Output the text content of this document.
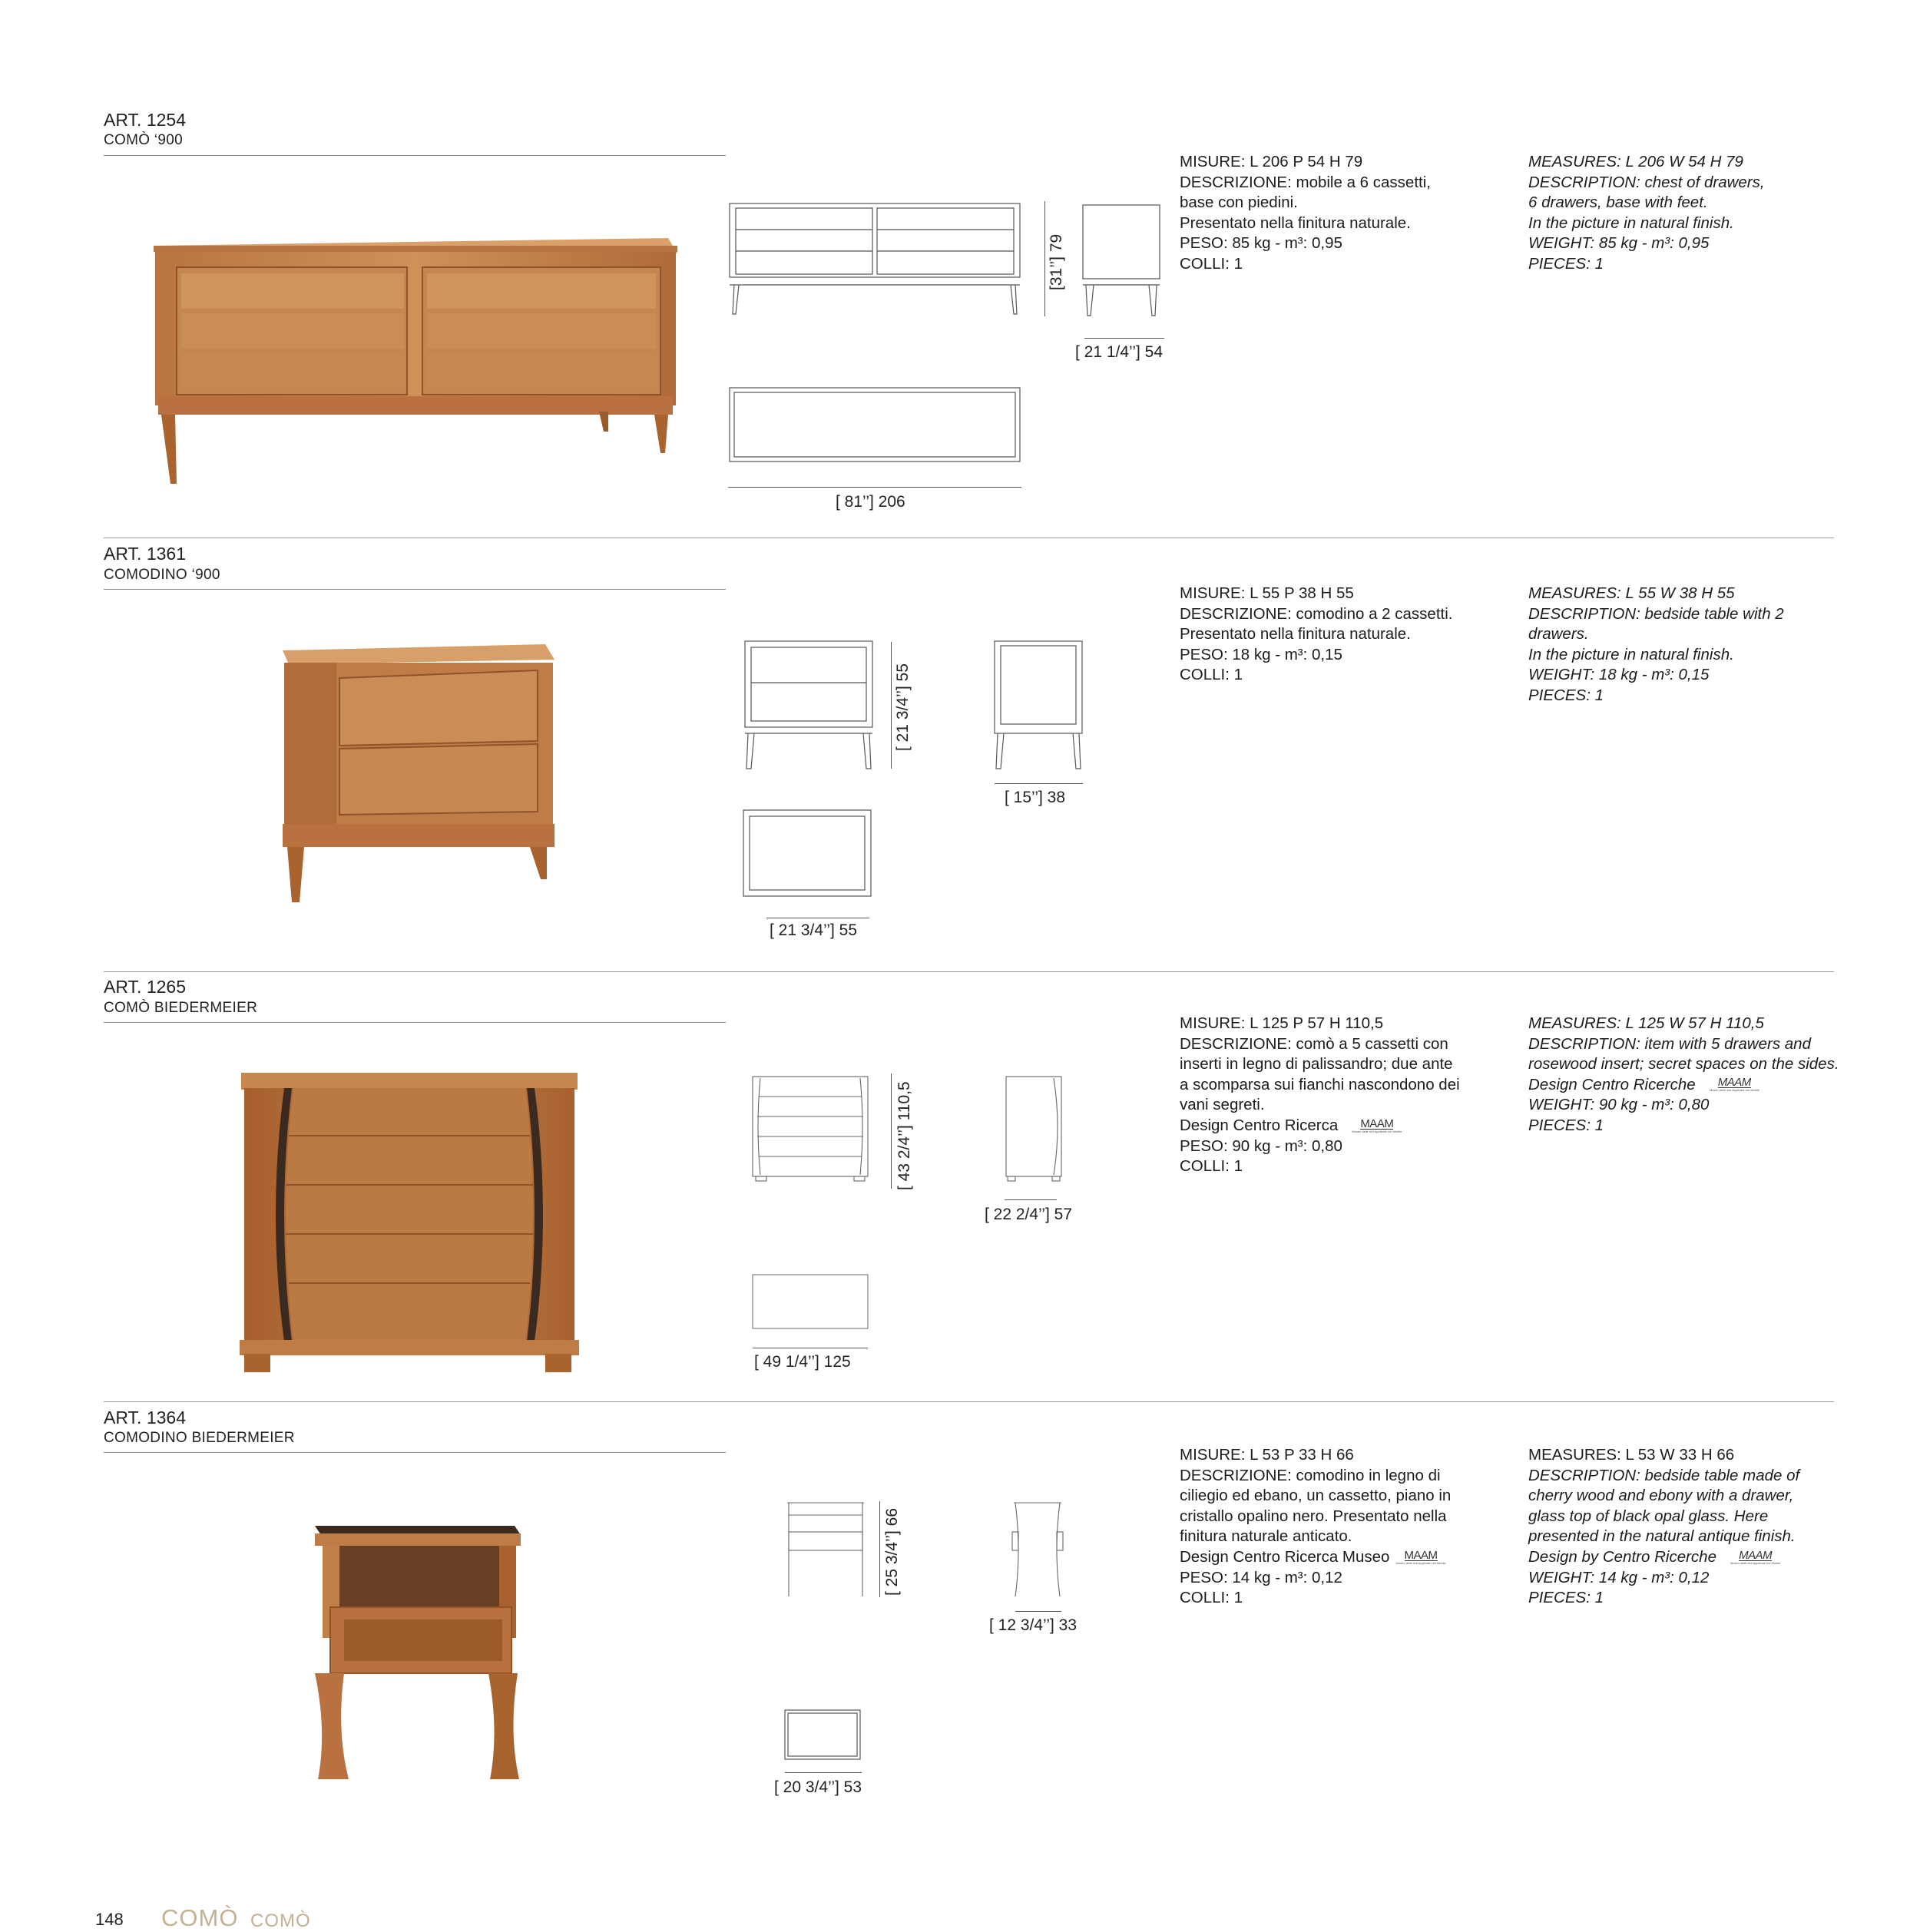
ART. 1254
COMÒ ‘900
[31’’] 79
[ 21 1/4’’] 54
[ 81’’] 206
MISURE: L 206 P 54 H 79
DESCRIZIONE: mobile a 6 cassetti,
base con piedini.
Presentato nella finitura naturale.
PESO: 85 kg - m³: 0,95
COLLI: 1
MEASURES: L 206 W 54 H 79
DESCRIPTION: chest of drawers,
6 drawers, base with feet.
In the picture in natural finish.
WEIGHT: 85 kg - m³: 0,95
PIECES: 1
ART. 1361
COMODINO ‘900
[ 21 3/4’’] 55
[ 15’’] 38
[ 21 3/4’’] 55
MISURE: L 55 P 38 H 55
DESCRIZIONE: comodino a 2 cassetti.
Presentato nella finitura naturale.
PESO: 18 kg - m³: 0,15
COLLI: 1
MEASURES: L 55 W 38 H 55
DESCRIPTION: bedside table with 2
drawers.
In the picture in natural finish.
WEIGHT: 18 kg - m³: 0,15
PIECES: 1
ART. 1265
COMÒ BIEDERMEIER
[ 43 2/4’’] 110,5
[ 22 2/4’’] 57
[ 49 1/4’’] 125
MISURE: L 125 P 57 H 110,5
DESCRIZIONE: comò a 5 cassetti con
inserti in legno di palissandro; due ante
a scomparsa sui fianchi nascondono dei
vani segreti.
Design Centro Ricerca MAAM
Museo delle Arti Applicate nel Mobile
PESO: 90 kg - m³: 0,80
COLLI: 1
MEASURES: L 125 W 57 H 110,5
DESCRIPTION: item with 5 drawers and
rosewood insert; secret spaces on the sides.
Design Centro Ricerche MAAM
Museo delle Arti Applicate nel Mobile
WEIGHT: 90 kg - m³: 0,80
PIECES: 1
ART. 1364
COMODINO BIEDERMEIER
[ 25 3/4’’] 66
[ 12 3/4’’] 33
[ 20 3/4’’] 53
MISURE: L 53 P 33 H 66
DESCRIZIONE: comodino in legno di
ciliegio ed ebano, un cassetto, piano in
cristallo opalino nero. Presentato nella
finitura naturale anticato.
Design Centro Ricerca Museo MAAM
Museo delle Arti Applicate nel Mobile
PESO: 14 kg - m³: 0,12
COLLI: 1
MEASURES: L 53 W 33 H 66
DESCRIPTION: bedside table made of
cherry wood and ebony with a drawer,
glass top of black opal glass. Here
presented in the natural antique finish.
Design by Centro Ricerche MAAM
Museo delle Arti Applicate nel Mobile
WEIGHT: 14 kg - m³: 0,12
PIECES: 1
148 COMÒ COMÒ
